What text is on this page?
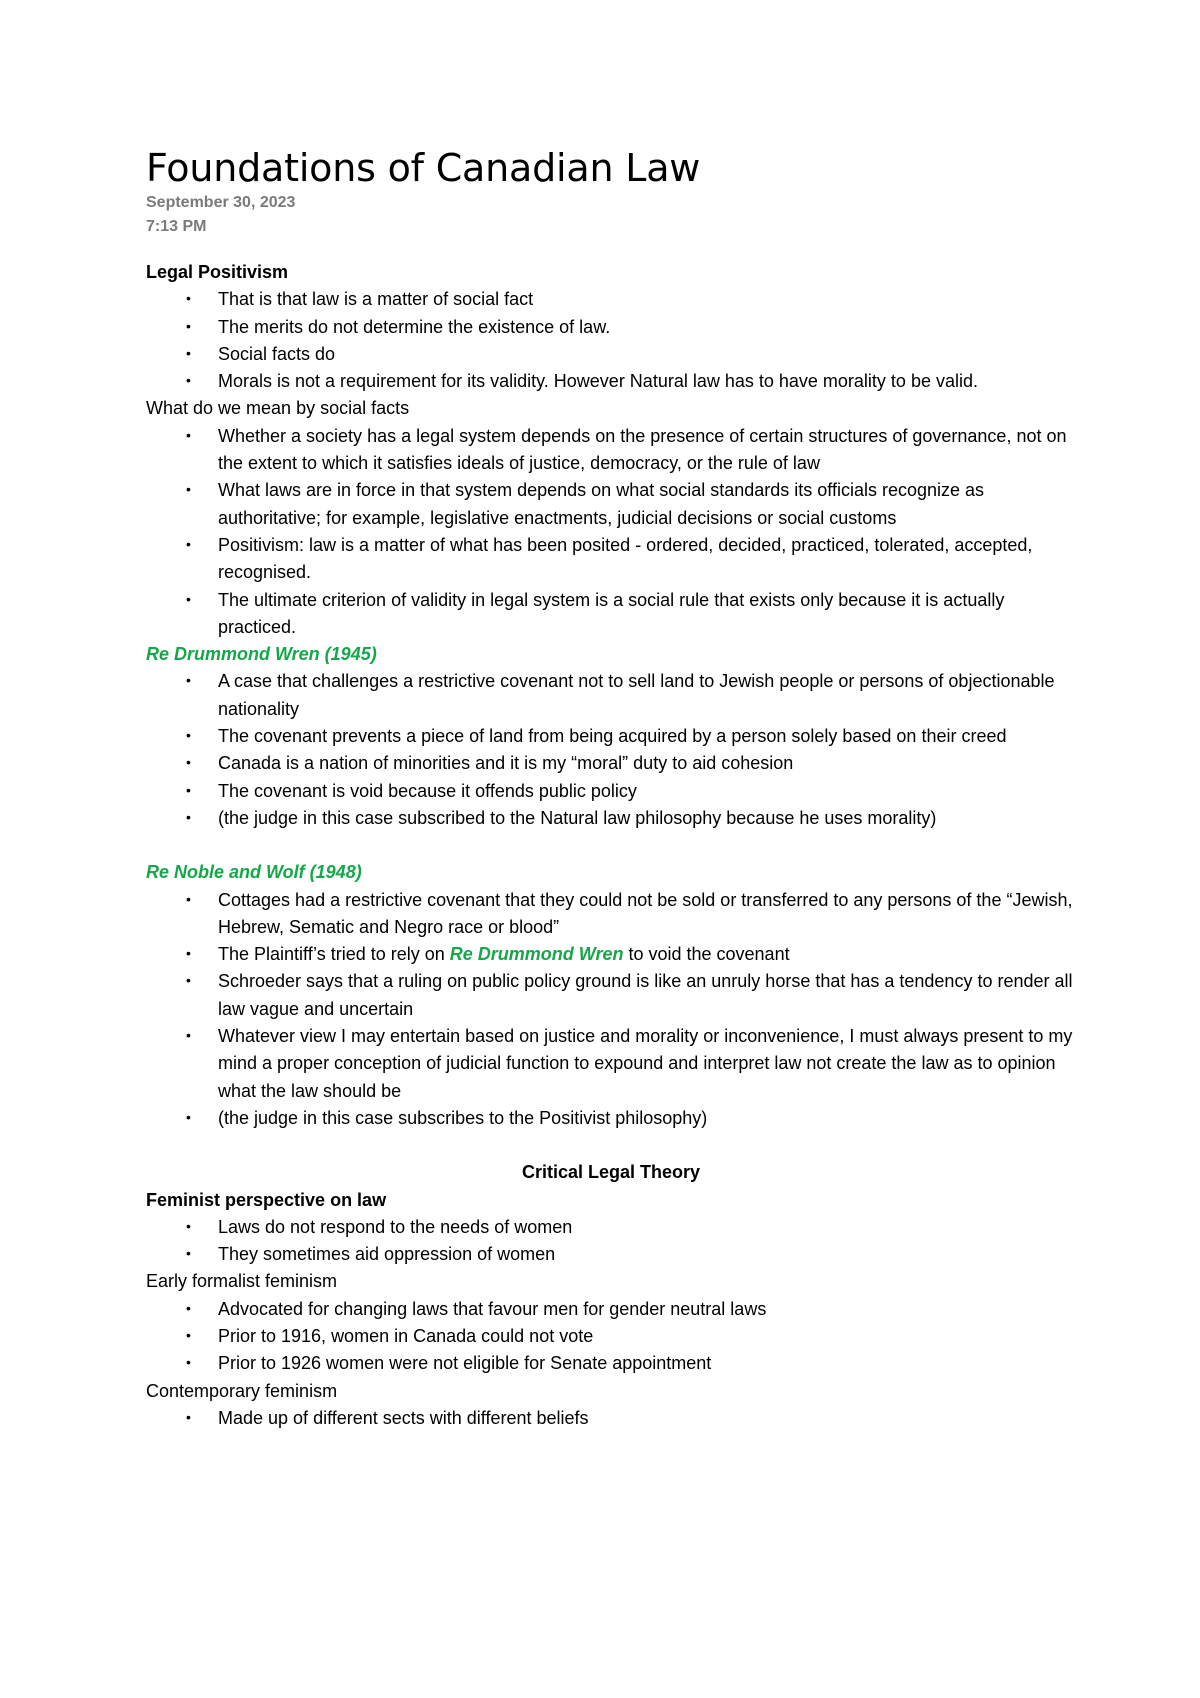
Foundations of Canadian Law
September 30, 2023
7:13 PM
Legal Positivism
• That is that law is a matter of social fact
• The merits do not determine the existence of law.
• Social facts do
• Morals is not a requirement for its validity. However Natural law has to have morality to be valid.
What do we mean by social facts
• Whether a society has a legal system depends on the presence of certain structures of governance, not on the extent to which it satisfies ideals of justice, democracy, or the rule of law
• What laws are in force in that system depends on what social standards its officials recognize as authoritative; for example, legislative enactments, judicial decisions or social customs
• Positivism: law is a matter of what has been posited - ordered, decided, practiced, tolerated, accepted, recognised.
• The ultimate criterion of validity in legal system is a social rule that exists only because it is actually practiced.
Re Drummond Wren (1945)
• A case that challenges a restrictive covenant not to sell land to Jewish people or persons of objectionable nationality
• The covenant prevents a piece of land from being acquired by a person solely based on their creed
• Canada is a nation of minorities and it is my “moral” duty to aid cohesion
• The covenant is void because it offends public policy
• (the judge in this case subscribed to the Natural law philosophy because he uses morality)
Re Noble and Wolf (1948)
• Cottages had a restrictive covenant that they could not be sold or transferred to any persons of the “Jewish, Hebrew, Sematic and Negro race or blood”
• The Plaintiff’s tried to rely on Re Drummond Wren to void the covenant
• Schroeder says that a ruling on public policy ground is like an unruly horse that has a tendency to render all law vague and uncertain
• Whatever view I may entertain based on justice and morality or inconvenience, I must always present to my mind a proper conception of judicial function to expound and interpret law not create the law as to opinion what the law should be
• (the judge in this case subscribes to the Positivist philosophy)
Critical Legal Theory
Feminist perspective on law
• Laws do not respond to the needs of women
• They sometimes aid oppression of women
Early formalist feminism
• Advocated for changing laws that favour men for gender neutral laws
• Prior to 1916, women in Canada could not vote
• Prior to 1926 women were not eligible for Senate appointment
Contemporary feminism
• Made up of different sects with different beliefs
